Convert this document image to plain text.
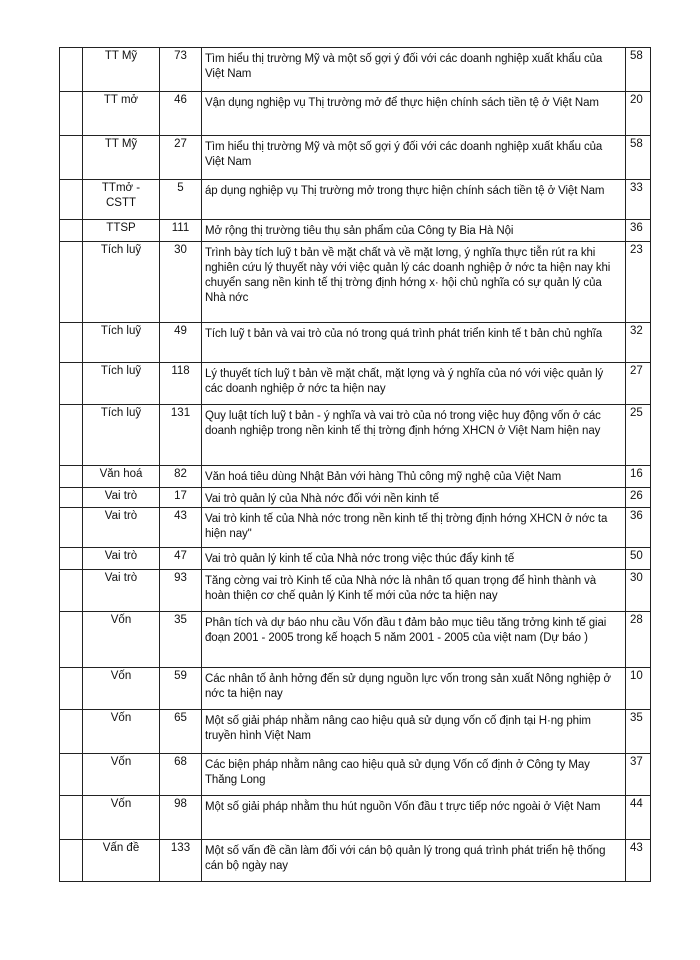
	TT Mỹ	73	Tìm hiểu thị trường Mỹ và một số gợi ý đối với các doanh nghiệp xuất khẩu của Việt Nam	58
	TT mở	46	Vận dụng nghiệp vụ Thị trường mở để thực hiện chính sách tiền tệ ở Việt Nam	20
	TT Mỹ	27	Tìm hiểu thị trường Mỹ và một số gợi ý đối với các doanh nghiệp xuất khẩu của Việt Nam	58
	TTmở - CSTT	5	áp dụng nghiệp vụ Thị trường mở trong thực hiện chính sách tiền tệ ở Việt Nam	33
	TTSP	111	Mở rộng thị trường tiêu thụ sản phẩm của Công ty Bia Hà Nội	36
	Tích luỹ	30	Trình bày tích luỹ t bản về mặt chất và về mặt lơng, ý nghĩa thực tiễn rút ra khi nghiên cứu lý thuyết này với việc quản lý các doanh nghiệp ở nớc ta hiện nay khi chuyển sang nền kinh tế thị trờng định hớng x· hội chủ nghĩa có sự quản lý của Nhà nớc	23
	Tích luỹ	49	Tích luỹ t bản và vai trò của nó trong quá trình phát triển kinh tế t bản chủ nghĩa	32
	Tích luỹ	118	Lý thuyết tích luỹ t bản về mặt chất, mặt lợng và ý nghĩa của nó với việc quản lý các doanh nghiệp ở nớc ta hiện nay	27
	Tích luỹ	131	Quy luật tích luỹ t bản - ý nghĩa và vai trò của nó trong việc huy động vốn ở các doanh nghiệp trong nền kinh tế thị trờng định hớng XHCN ở Việt Nam hiện nay	25
	Văn hoá	82	Văn hoá tiêu dùng Nhật Bản với hàng Thủ công mỹ nghệ của Việt Nam	16
	Vai trò	17	Vai trò quản lý của Nhà nớc đối với nền kinh tế	26
	Vai trò	43	Vai trò kinh tế của Nhà nớc trong nền kinh tế thị trờng định hớng XHCN ở nớc ta hiện nay"	36
	Vai trò	47	Vai trò quản lý kinh tế của Nhà nớc trong việc thúc đẩy kinh tế	50
	Vai trò	93	Tăng cờng vai trò Kinh tế của Nhà nớc là nhân tố quan trọng để hình thành và hoàn thiện cơ chế quản lý Kinh tế mới của nớc ta hiện nay	30
	Vốn	35	Phân tích và dự báo nhu cầu Vốn đầu t đảm bảo mục tiêu tăng trởng kinh tế giai đoạn 2001 - 2005 trong kế hoạch 5 năm 2001 - 2005 của việt nam (Dự báo )	28
	Vốn	59	Các nhân tố ảnh hởng đến sử dụng nguồn lực vốn trong sản xuất Nông nghiệp ở nớc ta hiện nay	10
	Vốn	65	Một số giải pháp nhằm nâng cao hiệu quả sử dụng vốn cố định tại H·ng phim truyền hình Việt Nam	35
	Vốn	68	Các biện pháp nhằm nâng cao hiệu quả sử dụng Vốn cố định ở Công ty May Thăng Long	37
	Vốn	98	Một số giải pháp nhằm thu hút nguồn Vốn đầu t trực tiếp nớc ngoài ở Việt Nam	44
	Vấn đề	133	Một số vấn đề cần làm đối với cán bộ quản lý trong quá trình phát triển hệ thống cán bộ ngày nay	43
